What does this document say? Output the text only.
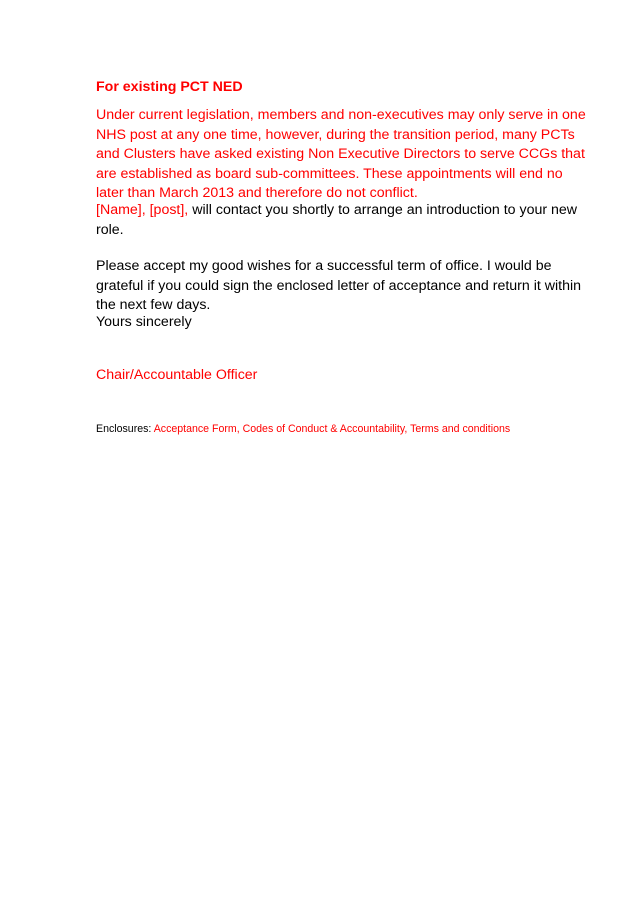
For existing PCT NED
Under current legislation, members and non-executives may only serve in one
NHS post at any one time, however, during the transition period, many PCTs
and Clusters have asked existing Non Executive Directors to serve CCGs that
are established as board sub-committees. These appointments will end no
later than March 2013 and therefore do not conflict.
[Name], [post], will contact you shortly to arrange an introduction to your new
role.
Please accept my good wishes for a successful term of office. I would be
grateful if you could sign the enclosed letter of acceptance and return it within
the next few days.
Yours sincerely
Chair/Accountable Officer
Enclosures: Acceptance Form, Codes of Conduct & Accountability, Terms and conditions
